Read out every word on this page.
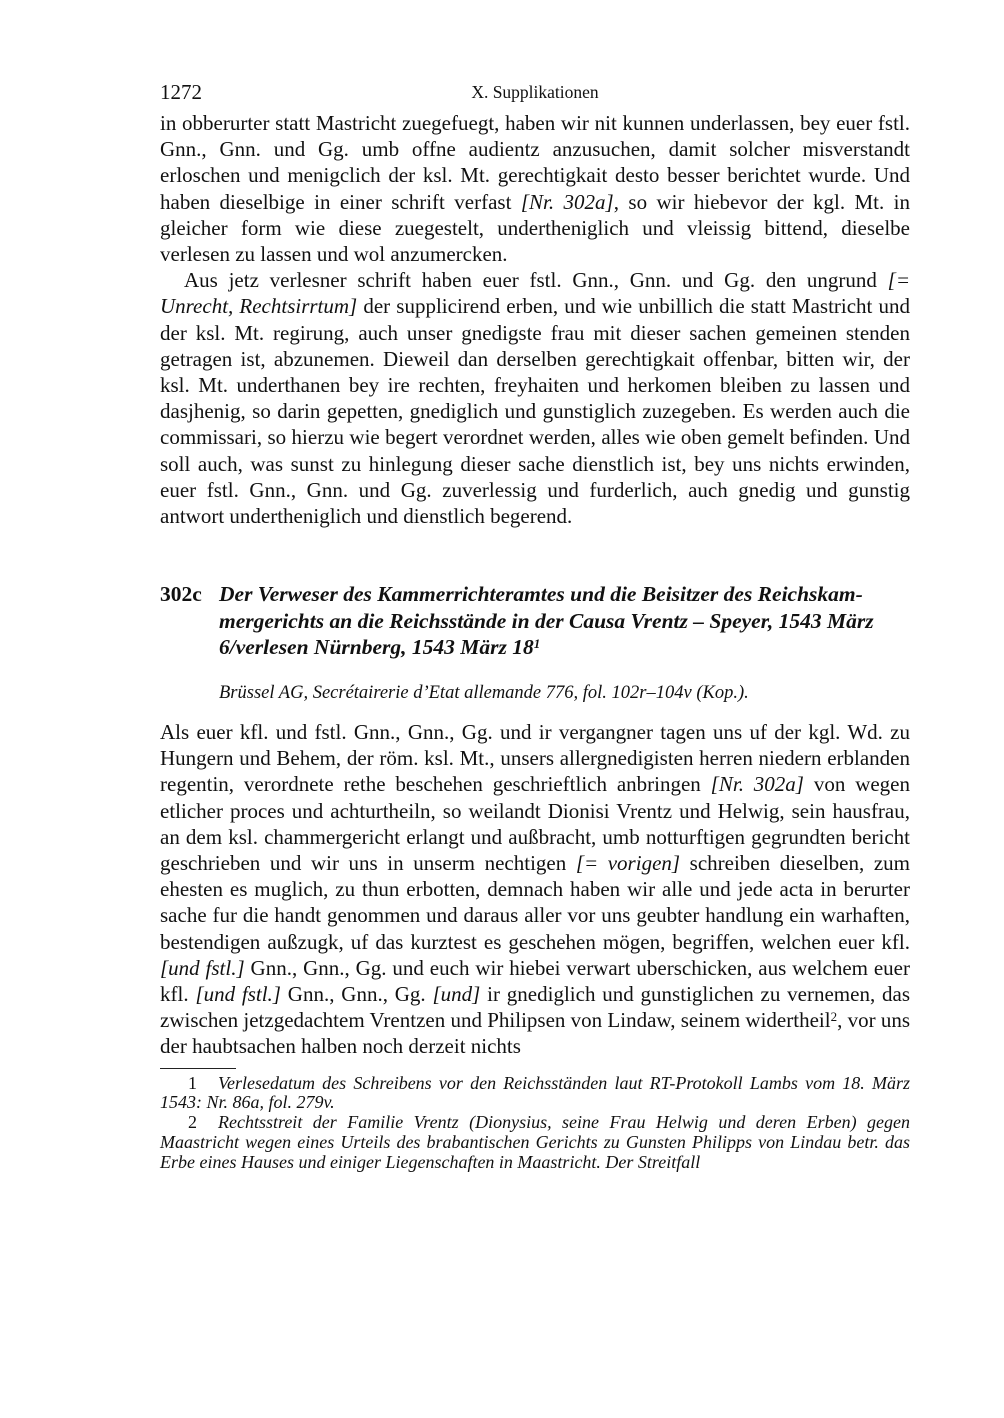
1272	X. Supplikationen

in obberurter statt Mastricht zuegefuegt, haben wir nit kunnen underlassen, bey euer fstl. Gnn., Gnn. und Gg. umb offne audientz anzusuchen, damit solcher misverstandt erloschen und menigclich der ksl. Mt. gerechtigkait desto besser berichtet wurde. Und haben dieselbige in einer schrift verfast [Nr. 302a], so wir hiebevor der kgl. Mt. in gleicher form wie diese zuegestelt, undertheniglich und vleissig bittend, dieselbe verlesen zu lassen und wol anzumercken.

Aus jetz verlesner schrift haben euer fstl. Gnn., Gnn. und Gg. den ungrund [= Unrecht, Rechtsirrtum] der supplicirend erben, und wie unbillich die statt Mastricht und der ksl. Mt. regirung, auch unser gnedigste frau mit dieser sachen gemeinen stenden getragen ist, abzunemen. Dieweil dan derselben gerechtigkait offenbar, bitten wir, der ksl. Mt. underthanen bey ire rechten, freyhaiten und herkomen bleiben zu lassen und dasjhenig, so darin gepetten, gnediglich und gunstiglich zuzegeben. Es werden auch die commissari, so hierzu wie begert verordnet werden, alles wie oben gemelt befinden. Und soll auch, was sunst zu hinlegung dieser sache dienstlich ist, bey uns nichts erwinden, euer fstl. Gnn., Gnn. und Gg. zuverlessig und furderlich, auch gnedig und gunstig antwort undertheniglich und dienstlich begerend.

302c Der Verweser des Kammerrichteramtes und die Beisitzer des Reichskammergerichts an die Reichsstände in der Causa Vrentz – Speyer, 1543 März 6/verlesen Nürnberg, 1543 März $18^1$
Brüssel AG, Secrétairerie d’Etat allemande 776, fol. 102r–104v (Kop.).

Als euer kfl. und fstl. Gnn., Gnn., Gg. und ir vergangner tagen uns uf der kgl. Wd. zu Hungern und Behem, der röm. ksl. Mt., unsers allergnedigisten herren niedern erblanden regentin, verordnete rethe beschehen geschrieftlich anbringen [Nr. 302a] von wegen etlicher proces und achturtheiln, so weilandt Dionisi Vrentz und Helwig, sein hausfrau, an dem ksl. chammergericht erlangt und außbracht, umb notturftigen gegrundten bericht geschrieben und wir uns in unserm nechtigen [= vorigen] schreiben dieselben, zum ehesten es muglich, zu thun erbotten, demnach haben wir alle und jede acta in berurter sache fur die handt genommen und daraus aller vor uns geubter handlung ein warhaften, bestendigen außzugk, uf das kurztest es geschehen mögen, begriffen, welchen euer kfl.[und fstl.] Gnn., Gnn., Gg. und euch wir hiebei verwart uberschicken, aus welchem euer kfl. [und fstl.] Gnn., Gnn., Gg. [und] ir gnediglich und gunstiglichen zu vernemen, das zwischen jetzgedachtem Vrentzen und Philipsen von Lindaw, seinem widertheil$^2$, vor uns der haubtsachen halben noch derzeit nichts

1 Verlesedatum des Schreibens vor den Reichsständen laut RT-Protokoll Lambs vom 18. März 1543: Nr. 86a, fol. 279v.

2 Rechtsstreit der Familie Vrentz (Dionysius, seine Frau Helwig und deren Erben) gegen Maastricht wegen eines Urteils des brabantischen Gerichts zu Gunsten Philipps von Lindau betr. das Erbe eines Hauses und einiger Liegenschaften in Maastricht. Der Streitfall
